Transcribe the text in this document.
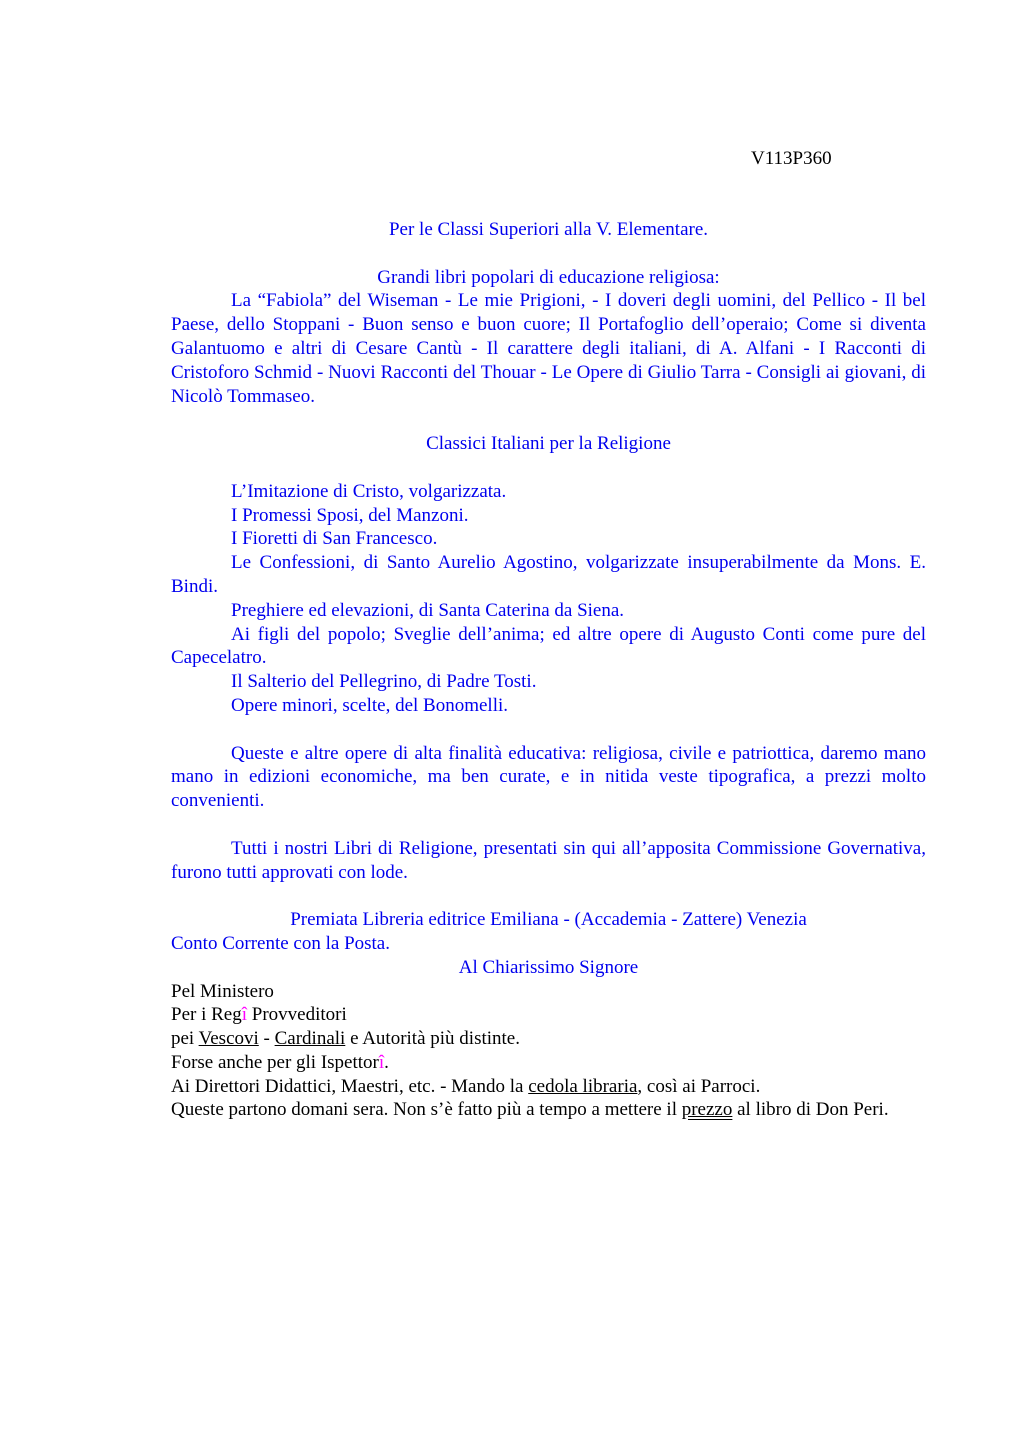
V113P360

Per le Classi Superiori alla V. Elementare.

Grandi libri popolari di educazione religiosa:

La “Fabiola” del Wiseman - Le mie Prigioni, - I doveri degli uomini, del Pellico - Il bel Paese, dello Stoppani - Buon senso e buon cuore; Il Portafoglio dell’operaio; Come si diventa Galantuomo e altri di Cesare Cantù - Il carattere degli italiani, di A. Alfani - I Racconti di Cristoforo Schmid - Nuovi Racconti del Thouar - Le Opere di Giulio Tarra - Consigli ai giovani, di Nicolò Tommaseo.

Classici Italiani per la Religione

L’Imitazione di Cristo, volgarizzata.

I Promessi Sposi, del Manzoni.

I Fioretti di San Francesco.

Le Confessioni, di Santo Aurelio Agostino, volgarizzate insuperabilmente da Mons. E. Bindi.

Preghiere ed elevazioni, di Santa Caterina da Siena.

Ai figli del popolo; Sveglie dell’anima; ed altre opere di Augusto Conti come pure del Capecelatro.

Il Salterio del Pellegrino, di Padre Tosti.

Opere minori, scelte, del Bonomelli.

Queste e altre opere di alta finalità educativa: religiosa, civile e patriottica, daremo mano mano in edizioni economiche, ma ben curate, e in nitida veste tipografica, a prezzi molto convenienti.

Tutti i nostri Libri di Religione, presentati sin qui all’apposita Commissione Governativa, furono tutti approvati con lode.

Premiata Libreria editrice Emiliana - (Accademia - Zattere) Venezia

Conto Corrente con la Posta.

Al Chiarissimo Signore

Pel Ministero

Per i Regî Provveditori

pei Vescovi - Cardinali e Autorità più distinte.

Forse anche per gli Ispettorî.

Ai Direttori Didattici, Maestri, etc. - Mando la cedola libraria, così ai Parroci.

Queste partono domani sera. Non s’è fatto più a tempo a mettere il prezzo al libro di Don Peri.
